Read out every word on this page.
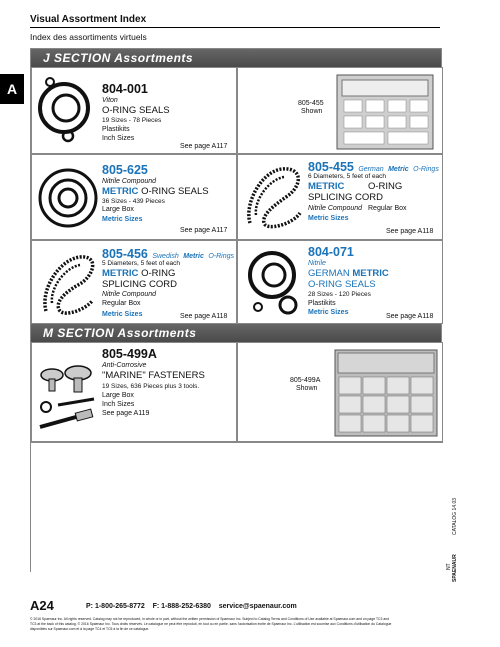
Visual Assortment Index
Index des assortiments virtuels
A
J SECTION Assortments
804-001
Viton
O-RING SEALS
19 Sizes - 78 Pieces
Plastikits
Inch Sizes
See page A117
805-455
Shown
805-625
Nitrile Compound
METRIC O-RING SEALS
36 Sizes - 439 Pieces
Large Box
Metric Sizes
See page A117
805-455 German Metric O-Rings
6 Diameters, 5 feet of each
METRIC O-RING
SPLICING CORD
Nitrile Compound Regular Box
Metric Sizes
See page A118
805-456 Swedish Metric O-Rings
5 Diameters, 5 feet of each
METRIC O-RING
SPLICING CORD
Nitrile Compound
Regular Box
Metric Sizes	See page A118
804-071
Nitrile
GERMAN METRIC
O-RING SEALS
28 Sizes - 120 Pieces
Plastikits
Metric Sizes
See page A118
M SECTION Assortments
805-499A
Anti-Corrosive
"MARINE" FASTENERS
19 Sizes, 636 Pieces plus 3 tools.
Large Box
Inch Sizes
See page A119
805-499A
Shown
CATALOG 14.03
SPAENAUR
NT
A24	P: 1-800-265-8772 F: 1-888-252-6380 service@spaenaur.com
© 2016 Spaenaur Inc. All rights reserved. Catalog may not be reproduced, in whole or in part, without the written permission of Spaenaur Inc. Subject to Catalog Terms and Conditions of Use available at Spaenaur.com and on page TC3 and
TC3 at the back of this catalog. © 2016 Spaenaur Inc. Tous droits réservés. Le catalogue ne peut être reproduit, en tout ou en partie, sans l'autorisation écrite de Spaenaur Inc. L'utilisation est soumise aux Conditions d'utilisation du Catalogue
disponibles sur Spaenaur.com et à la page TC4 et TC5 à la fin de ce catalogue.
